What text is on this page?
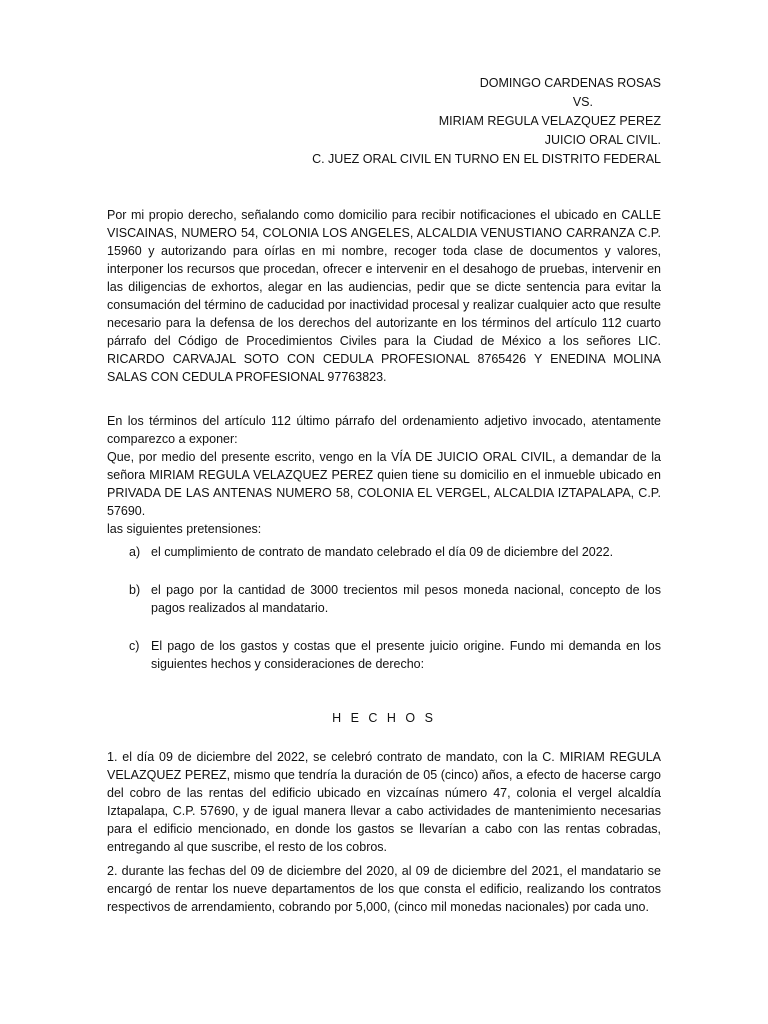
DOMINGO CARDENAS ROSAS
VS.
MIRIAM REGULA VELAZQUEZ PEREZ
JUICIO ORAL CIVIL.
C. JUEZ ORAL CIVIL EN TURNO EN EL DISTRITO FEDERAL
Por mi propio derecho, señalando como domicilio para recibir notificaciones el ubicado en CALLE VISCAINAS, NUMERO 54, COLONIA LOS ANGELES, ALCALDIA VENUSTIANO CARRANZA C.P. 15960 y autorizando para oírlas en mi nombre, recoger toda clase de documentos y valores, interponer los recursos que procedan, ofrecer e intervenir en el desahogo de pruebas, intervenir en las diligencias de exhortos, alegar en las audiencias, pedir que se dicte sentencia para evitar la consumación del término de caducidad por inactividad procesal y realizar cualquier acto que resulte necesario para la defensa de los derechos del autorizante en los términos del artículo 112 cuarto párrafo del Código de Procedimientos Civiles para la Ciudad de México a los señores LIC. RICARDO CARVAJAL SOTO CON CEDULA PROFESIONAL 8765426 Y ENEDINA MOLINA SALAS CON CEDULA PROFESIONAL 97763823.
En los términos del artículo 112 último párrafo del ordenamiento adjetivo invocado, atentamente comparezco a exponer:
Que, por medio del presente escrito, vengo en la VÍA DE JUICIO ORAL CIVIL, a demandar de la señora MIRIAM REGULA VELAZQUEZ PEREZ quien tiene su domicilio en el inmueble ubicado en PRIVADA DE LAS ANTENAS NUMERO 58, COLONIA EL VERGEL, ALCALDIA IZTAPALAPA, C.P. 57690.
las siguientes pretensiones:
a) el cumplimiento de contrato de mandato celebrado el día 09 de diciembre del 2022.
b) el pago por la cantidad de 3000 trecientos mil pesos moneda nacional, concepto de los pagos realizados al mandatario.
c) El pago de los gastos y costas que el presente juicio origine. Fundo mi demanda en los siguientes hechos y consideraciones de derecho:
H E C H O S
1. el día 09 de diciembre del 2022, se celebró contrato de mandato, con la C. MIRIAM REGULA VELAZQUEZ PEREZ, mismo que tendría la duración de 05 (cinco) años, a efecto de hacerse cargo del cobro de las rentas del edificio ubicado en vizcaínas número 47, colonia el vergel alcaldía Iztapalapa, C.P. 57690, y de igual manera llevar a cabo actividades de mantenimiento necesarias para el edificio mencionado, en donde los gastos se llevarían a cabo con las rentas cobradas, entregando al que suscribe, el resto de los cobros.
2. durante las fechas del 09 de diciembre del 2020, al 09 de diciembre del 2021, el mandatario se encargó de rentar los nueve departamentos de los que consta el edificio, realizando los contratos respectivos de arrendamiento, cobrando por 5,000, (cinco mil monedas nacionales) por cada uno.
